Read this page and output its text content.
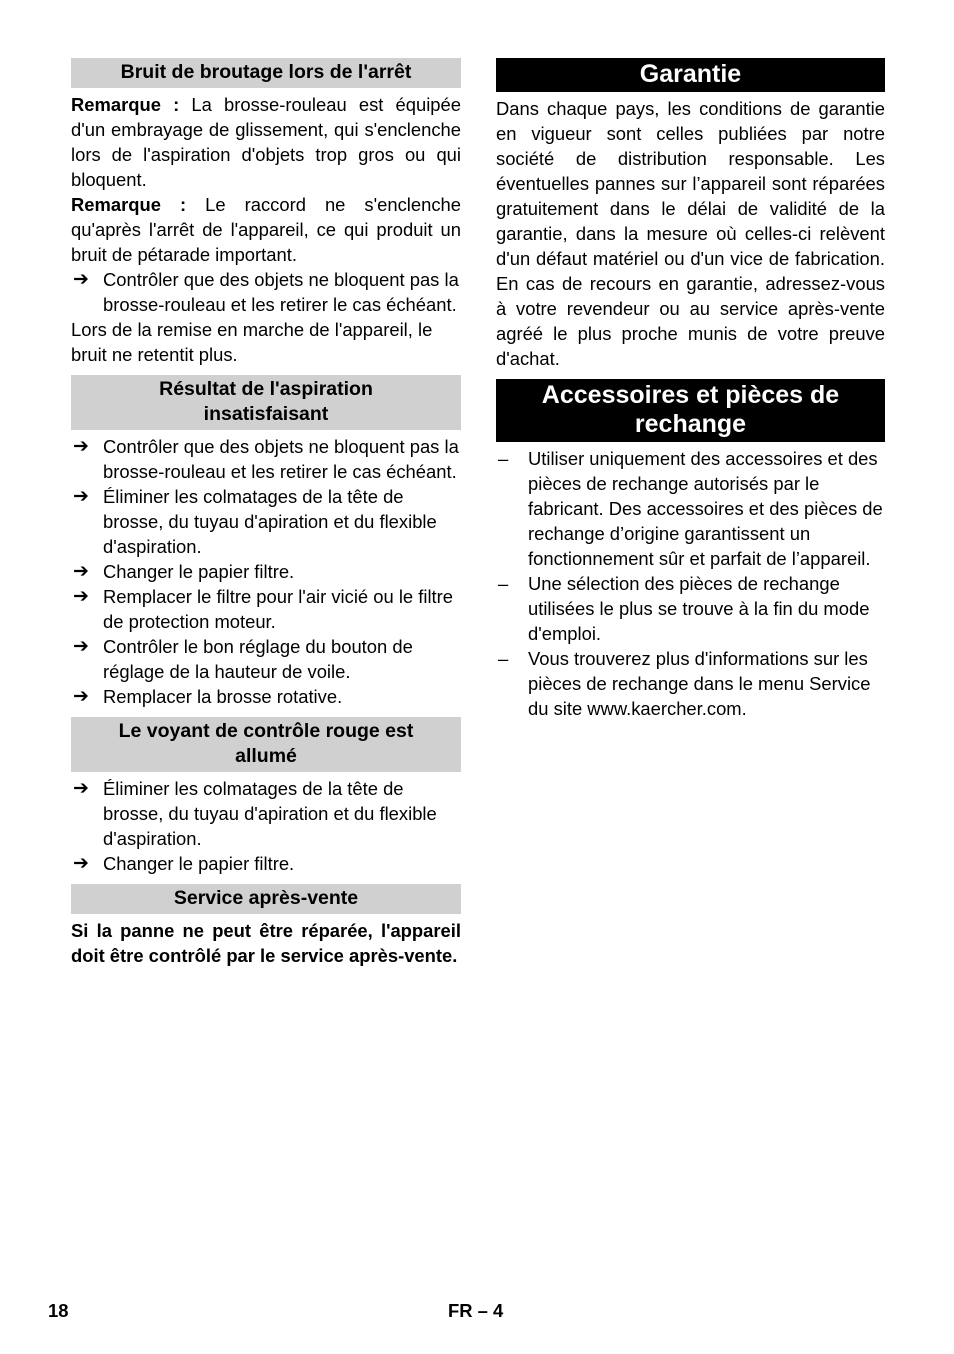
Bruit de broutage lors de l'arrêt

Remarque : La brosse-rouleau est équipée d'un embrayage de glissement, qui s'enclenche lors de l'aspiration d'objets trop gros ou qui bloquent.

Remarque : Le raccord ne s'enclenche qu'après l'arrêt de l'appareil, ce qui produit un bruit de pétarade important.

➔ Contrôler que des objets ne bloquent pas la brosse-rouleau et les retirer le cas échéant.

Lors de la remise en marche de l'appareil, le bruit ne retentit plus.

Résultat de l'aspiration
insatisfaisant
➔ Contrôler que des objets ne bloquent pas la brosse-rouleau et les retirer le cas échéant.
➔ Éliminer les colmatages de la tête de brosse, du tuyau d'apiration et du flexible d'aspiration.
➔ Changer le papier filtre.
➔ Remplacer le filtre pour l'air vicié ou le filtre de protection moteur.
➔ Contrôler le bon réglage du bouton de réglage de la hauteur de voile.
➔ Remplacer la brosse rotative.
Le voyant de contrôle rouge est
allumé
➔ Éliminer les colmatages de la tête de brosse, du tuyau d'apiration et du flexible d'aspiration.
➔ Changer le papier filtre.
Service après-vente

Si la panne ne peut être réparée, l'appareil doit être contrôlé par le service après-vente.

Garantie

Dans chaque pays, les conditions de garantie en vigueur sont celles publiées par notre société de distribution responsable. Les éventuelles pannes sur l’appareil sont réparées gratuitement dans le délai de validité de la garantie, dans la mesure où celles-ci relèvent d'un défaut matériel ou d'un vice de fabrication. En cas de recours en garantie, adressez-vous à votre revendeur ou au service après-vente agréé le plus proche munis de votre preuve d'achat.

Accessoires et pièces de
rechange
–	Utiliser uniquement des accessoires et des pièces de rechange autorisés par le fabricant. Des accessoires et des pièces de rechange d’origine garantissent un fonctionnement sûr et parfait de l’appareil.
–	Une sélection des pièces de rechange utilisées le plus se trouve à la fin du mode d'emploi.
–	Vous trouverez plus d'informations sur les pièces de rechange dans le menu Service du site www.kaercher.com.
18	FR – 4
